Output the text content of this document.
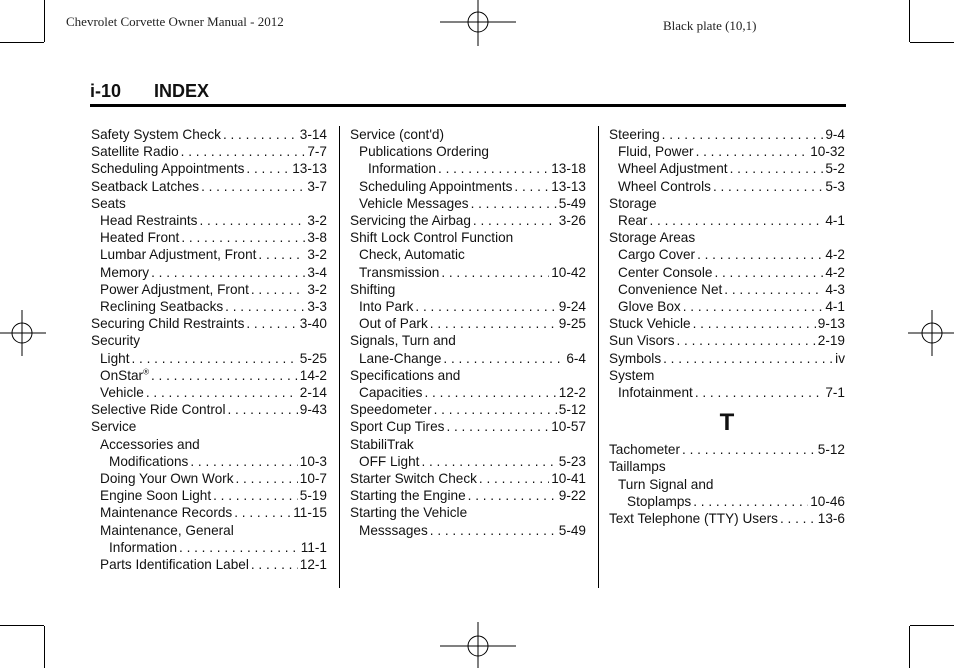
Chevrolet Corvette Owner Manual - 2012	Black plate (10,1)
i-10 INDEX
Safety System Check . . .	3-14
Satellite Radio . . .	7-7
Scheduling Appointments . . .	13-13
Seatback Latches . . .	3-7
Seats
Head Restraints . . .	3-2
Heated Front . . .	3-8
Lumbar Adjustment, Front . . .	3-2
Memory . . .	3-4
Power Adjustment, Front . . .	3-2
Reclining Seatbacks . . .	3-3
Securing Child Restraints . . .	3-40
Security
Light . . .	5-25
OnStar® . . .	14-2
Vehicle . . .	2-14
Selective Ride Control . . .	9-43
Service
Accessories and
Modifications . . .	10-3
Doing Your Own Work . . .	10-7
Engine Soon Light . . .	5-19
Maintenance Records . . .	11-15
Maintenance, General
Information . . .	11-1
Parts Identification Label . . .	12-1
Service (cont'd)
Publications Ordering
Information . . .	13-18
Scheduling Appointments . . .	13-13
Vehicle Messages . . .	5-49
Servicing the Airbag . . .	3-26
Shift Lock Control Function
Check, Automatic
Transmission . . .	10-42
Shifting
Into Park . . .	9-24
Out of Park . . .	9-25
Signals, Turn and
Lane-Change . . .	6-4
Specifications and
Capacities . . .	12-2
Speedometer . . .	5-12
Sport Cup Tires . . .	10-57
StabiliTrak
OFF Light . . .	5-23
Starter Switch Check . . .	10-41
Starting the Engine . . .	9-22
Starting the Vehicle
Messsages . . .	5-49
Steering . . .	9-4
Fluid, Power . . .	10-32
Wheel Adjustment . . .	5-2
Wheel Controls . . .	5-3
Storage
Rear . . .	4-1
Storage Areas
Cargo Cover . . .	4-2
Center Console . . .	4-2
Convenience Net . . .	4-3
Glove Box . . .	4-1
Stuck Vehicle . . .	9-13
Sun Visors . . .	2-19
Symbols . . .	iv
System
Infotainment . . .	7-1
T
Tachometer . . .	5-12
Taillamps
Turn Signal and
Stoplamps . . .	10-46
Text Telephone (TTY) Users . . .	13-6
